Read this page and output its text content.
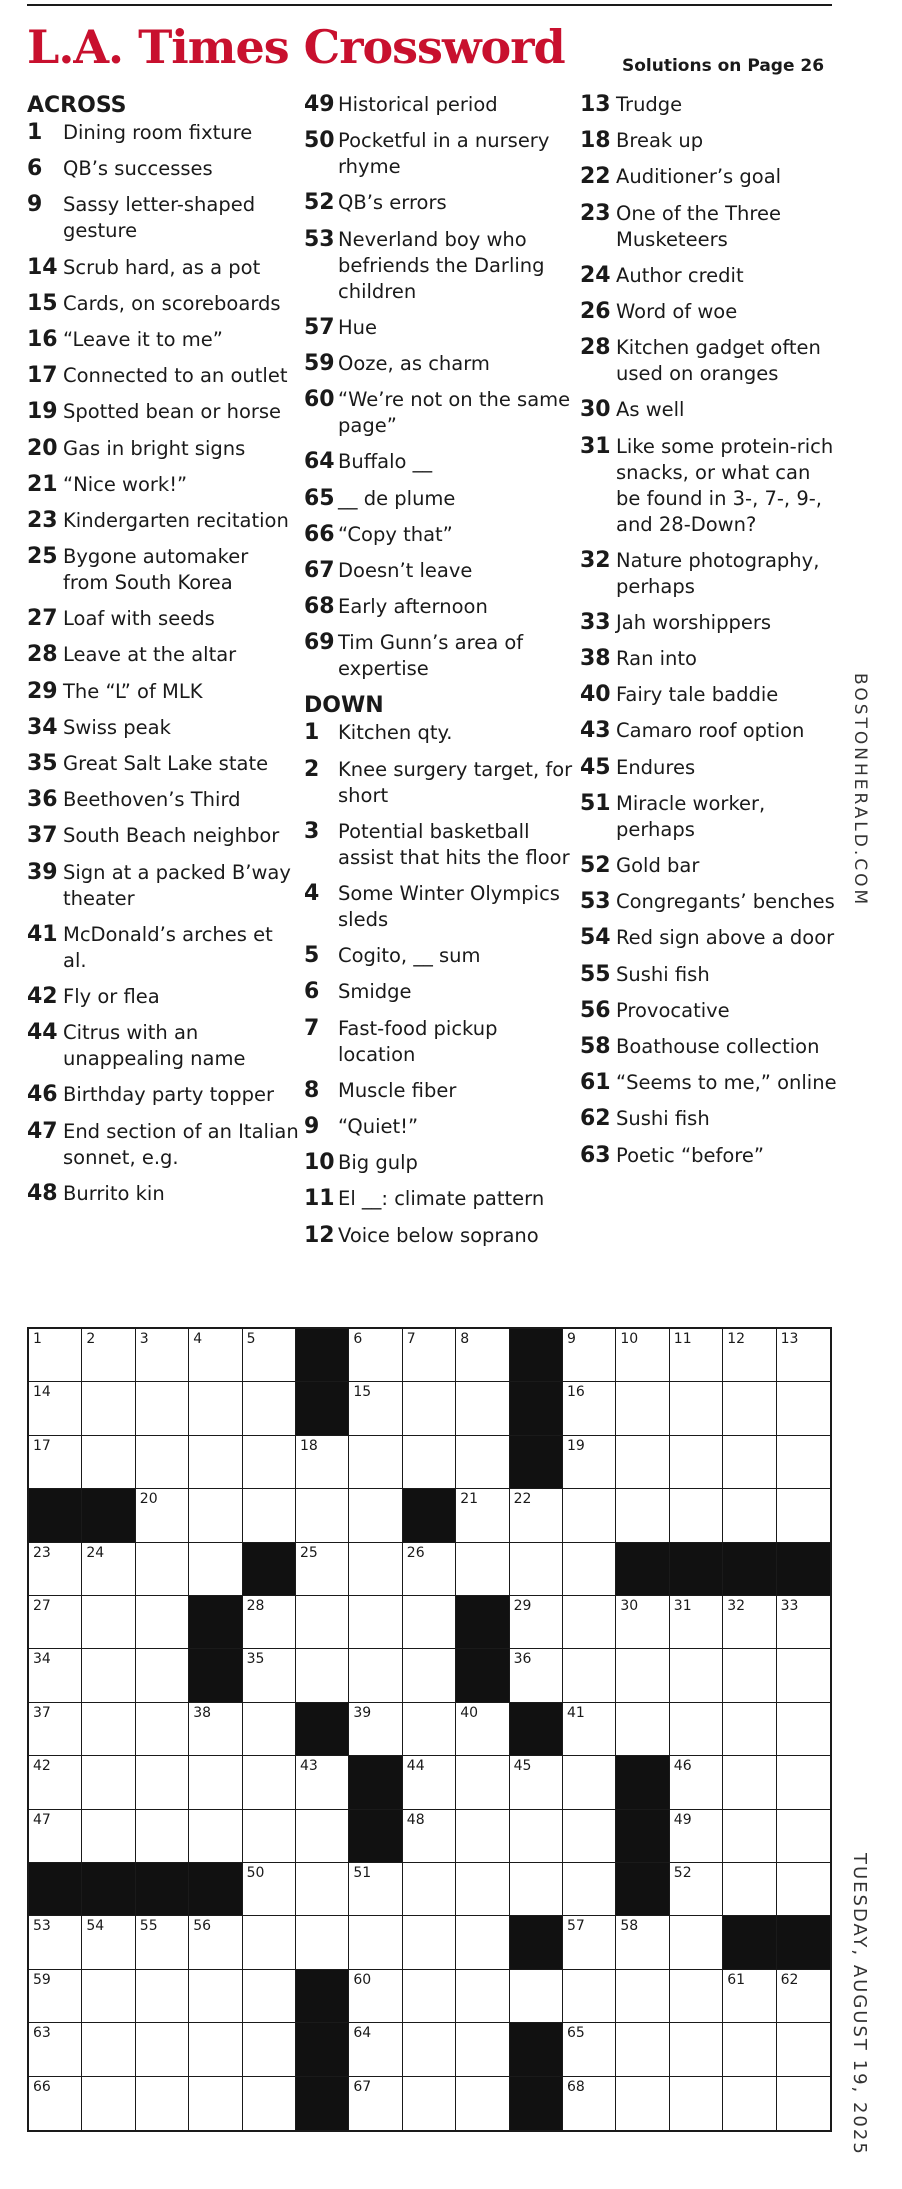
L.A. Times Crossword	Solutions on Page 26
ACROSS
1 Dining room fixture
6 QB’s successes
9 Sassy letter-shaped gesture
14 Scrub hard, as a pot
15 Cards, on scoreboards
16 “Leave it to me”
17 Connected to an outlet
19 Spotted bean or horse
20 Gas in bright signs
21 “Nice work!”
23 Kindergarten recitation
25 Bygone automaker from South Korea
27 Loaf with seeds
28 Leave at the altar
29 The “L” of MLK
34 Swiss peak
35 Great Salt Lake state
36 Beethoven’s Third
37 South Beach neighbor
39 Sign at a packed B’way theater
41 McDonald’s arches et al.
42 Fly or flea
44 Citrus with an unappealing name
46 Birthday party topper
47 End section of an Italian sonnet, e.g.
48 Burrito kin
49 Historical period
50 Pocketful in a nursery rhyme
52 QB’s errors
53 Neverland boy who befriends the Darling children
57 Hue
59 Ooze, as charm
60 “We’re not on the same page”
64 Buffalo __
65 __ de plume
66 “Copy that”
67 Doesn’t leave
68 Early afternoon
69 Tim Gunn’s area of expertise
DOWN
1 Kitchen qty.
2 Knee surgery target, for short
3 Potential basketball assist that hits the floor
4 Some Winter Olympics sleds
5 Cogito, __ sum
6 Smidge
7 Fast-food pickup location
8 Muscle fiber
9 “Quiet!”
10 Big gulp
11 El __: climate pattern
12 Voice below soprano
13 Trudge
18 Break up
22 Auditioner’s goal
23 One of the Three Musketeers
24 Author credit
26 Word of woe
28 Kitchen gadget often used on oranges
30 As well
31 Like some protein-rich snacks, or what can be found in 3-, 7-, 9-, and 28-Down?
32 Nature photography, perhaps
33 Jah worshippers
38 Ran into
40 Fairy tale baddie
43 Camaro roof option
45 Endures
51 Miracle worker, perhaps
52 Gold bar
53 Congregants’ benches
54 Red sign above a door
55 Sushi fish
56 Provocative
58 Boathouse collection
61 “Seems to me,” online
62 Sushi fish
63 Poetic “before”
BOSTONHERALD.COM
TUESDAY, AUGUST 19, 2025
1	2	3	4	5	6	7	8	9	10	11	12	13
14	15	16
17	18	19
20	21	22
23	24	25	26
27	28	29	30	31	32	33
34	35	36
37	38	39	40	41
42	43	44	45	46
47	48	49
50	51	52
53	54	55	56	57	58
59	60	61	62
63	64	65
66	67	68
